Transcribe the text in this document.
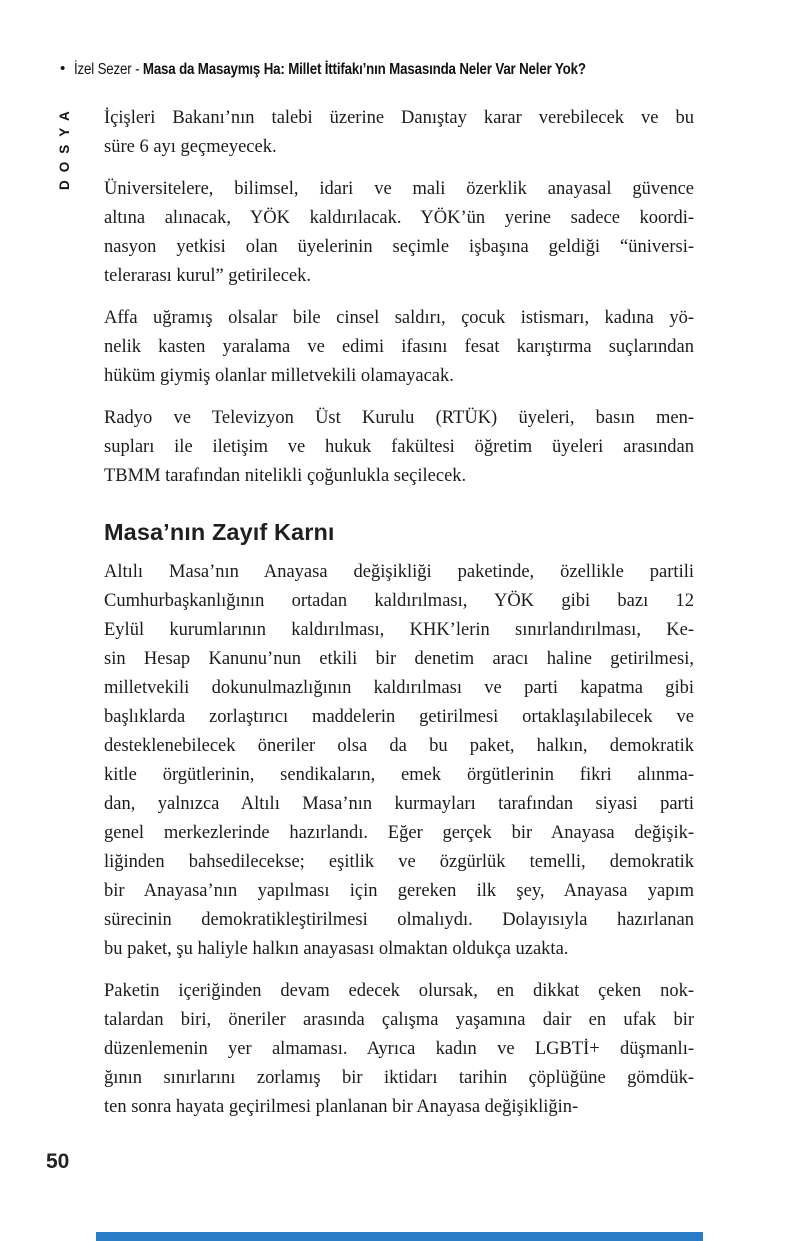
• İzel Sezer - Masa da Masaymış Ha: Millet İttifakı’nın Masasında Neler Var Neler Yok?
DOSYA İçişleri Bakanı’nın talebi üzerine Danıştay karar verebilecek ve bu
süre 6 ayı geçmeyecek.
Üniversitelere, bilimsel, idari ve mali özerklik anayasal güvence
altına alınacak, YÖK kaldırılacak. YÖK’ün yerine sadece koordi-
nasyon yetkisi olan üyelerinin seçimle işbaşına geldiği “üniversi-
telerarası kurul” getirilecek.
Affa uğramış olsalar bile cinsel saldırı, çocuk istismarı, kadına yö-
nelik kasten yaralama ve edimi ifasını fesat karıştırma suçlarından
hüküm giymiş olanlar milletvekili olamayacak.
Radyo ve Televizyon Üst Kurulu (RTÜK) üyeleri, basın men-
supları ile iletişim ve hukuk fakültesi öğretim üyeleri arasından
TBMM tarafından nitelikli çoğunlukla seçilecek.
Masa’nın Zayıf Karnı
Altılı Masa’nın Anayasa değişikliği paketinde, özellikle partili
Cumhurbaşkanlığının ortadan kaldırılması, YÖK gibi bazı 12
Eylül kurumlarının kaldırılması, KHK’lerin sınırlandırılması, Ke-
sin Hesap Kanunu’nun etkili bir denetim aracı haline getirilmesi,
milletvekili dokunulmazlığının kaldırılması ve parti kapatma gibi
başlıklarda zorlaştırıcı maddelerin getirilmesi ortaklaşılabilecek ve
desteklenebilecek öneriler olsa da bu paket, halkın, demokratik
kitle örgütlerinin, sendikaların, emek örgütlerinin fikri alınma-
dan, yalnızca Altılı Masa’nın kurmayları tarafından siyasi parti
genel merkezlerinde hazırlandı. Eğer gerçek bir Anayasa değişik-
liğinden bahsedilecekse; eşitlik ve özgürlük temelli, demokratik
bir Anayasa’nın yapılması için gereken ilk şey, Anayasa yapım
sürecinin demokratikleştirilmesi olmalıydı. Dolayısıyla hazırlanan
bu paket, şu haliyle halkın anayasası olmaktan oldukça uzakta.
Paketin içeriğinden devam edecek olursak, en dikkat çeken nok-
talardan biri, öneriler arasında çalışma yaşamına dair en ufak bir
düzenlemenin yer almaması. Ayrıca kadın ve LGBTİ+ düşmanlı-
ğının sınırlarını zorlamış bir iktidarı tarihin çöplüğüne gömdük-
ten sonra hayata geçirilmesi planlanan bir Anayasa değişikliğin-
50
